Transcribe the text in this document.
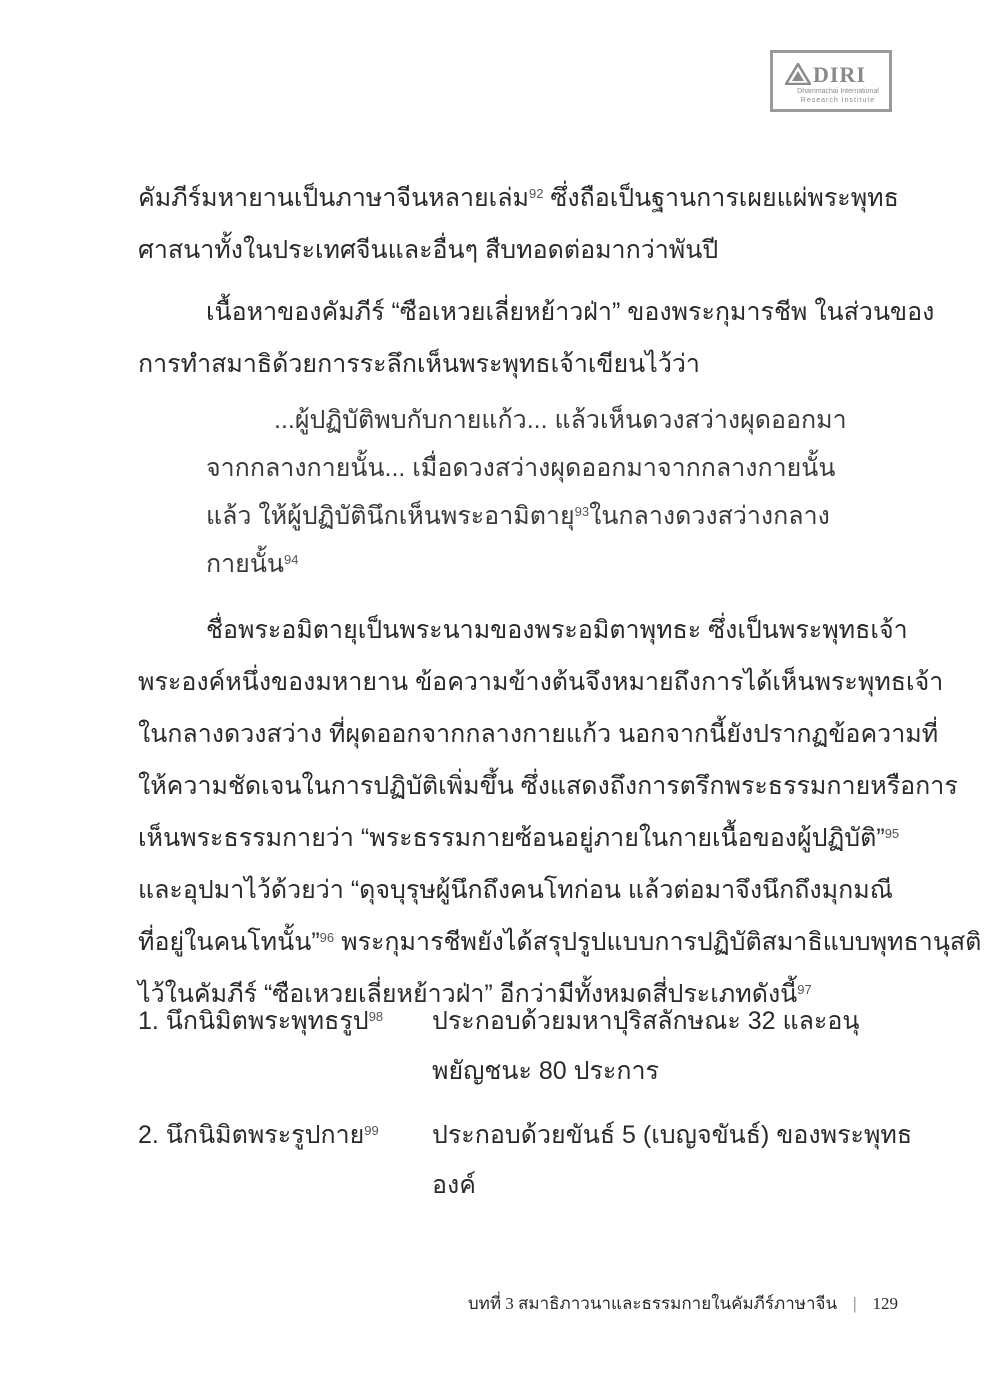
DIRI
Dhammachai International
Research Institute
คัมภีร์มหายานเป็นภาษาจีนหลายเล่ม$^{92}$ ซึ่งถือเป็นฐานการเผยแผ่พระพุทธ
ศาสนาทั้งในประเทศจีนและอื่นๆ สืบทอดต่อมากว่าพันปี
เนื้อหาของคัมภีร์ “ซือเหวยเลี่ยหย้าวฝ่า” ของพระกุมารชีพ ในส่วนของ
การทำสมาธิด้วยการระลึกเห็นพระพุทธเจ้าเขียนไว้ว่า
...ผู้ปฏิบัติพบกับกายแก้ว... แล้วเห็นดวงสว่างผุดออกมา
จากกลางกายนั้น... เมื่อดวงสว่างผุดออกมาจากกลางกายนั้น
แล้ว ให้ผู้ปฏิบัตินึกเห็นพระอามิตายุ$^{93}$ในกลางดวงสว่างกลาง
กายนั้น$^{94}$
ชื่อพระอมิตายุเป็นพระนามของพระอมิตาพุทธะ ซึ่งเป็นพระพุทธเจ้า
พระองค์หนึ่งของมหายาน ข้อความข้างต้นจึงหมายถึงการได้เห็นพระพุทธเจ้า
ในกลางดวงสว่าง ที่ผุดออกจากกลางกายแก้ว นอกจากนี้ยังปรากฏข้อความที่
ให้ความชัดเจนในการปฏิบัติเพิ่มขึ้น ซึ่งแสดงถึงการตรึกพระธรรมกายหรือการ
เห็นพระธรรมกายว่า “พระธรรมกายซ้อนอยู่ภายในกายเนื้อของผู้ปฏิบัติ”$^{95}$
และอุปมาไว้ด้วยว่า “ดุจบุรุษผู้นึกถึงคนโทก่อน แล้วต่อมาจึงนึกถึงมุกมณี
ที่อยู่ในคนโทนั้น”$^{96}$ พระกุมารชีพยังได้สรุปรูปแบบการปฏิบัติสมาธิแบบพุทธานุสติ
ไว้ในคัมภีร์ “ซือเหวยเลี่ยหย้าวฝ่า” อีกว่ามีทั้งหมดสี่ประเภทดังนี้$^{97}$
1. นึกนิมิตพระพุทธรูป$^{98}$ ประกอบด้วยมหาปุริสลักษณะ 32 และอนุ
พยัญชนะ 80 ประการ
2. นึกนิมิตพระรูปกาย$^{99}$ ประกอบด้วยขันธ์ 5 (เบญจขันธ์) ของพระพุทธ
องค์
บทที่ 3 สมาธิภาวนาและธรรมกายในคัมภีร์ภาษาจีน | 129
